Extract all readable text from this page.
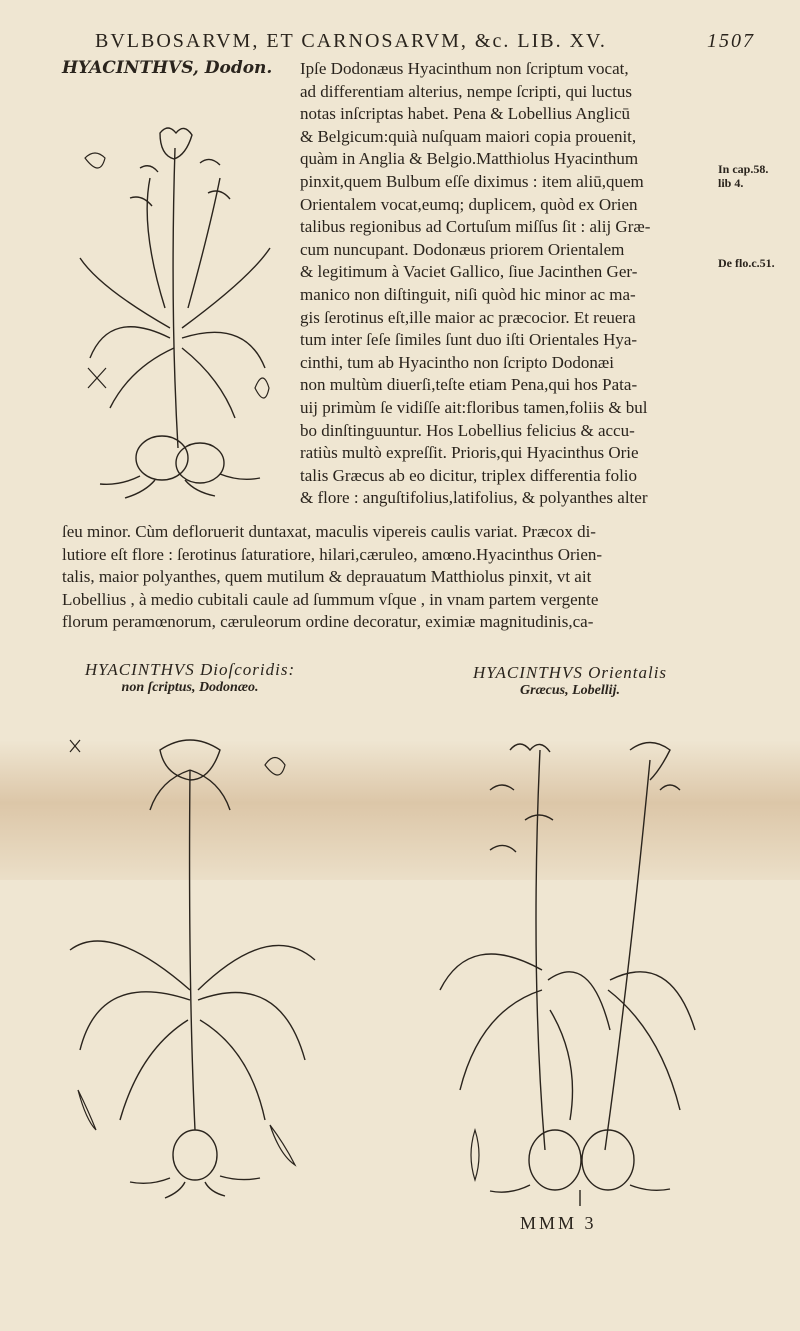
BVLBOSARVM, ET CARNOSARVM, &c. LIB. XV.	1507
HYACINTHVS, Dodon. Ipſe Dodonæus Hyacinthum non ſcriptum vocat,
ad differentiam alterius, nempe ſcripti, qui luctus
notas inſcriptas habet. Pena & Lobellius Anglicū
& Belgicum:quià nuſquam maiori copia prouenit,
quàm in Anglia & Belgio.Matthiolus Hyacinthum
pinxit,quem Bulbum eſſe diximus : item aliū,quem
Orientalem vocat,eumq; duplicem, quòd ex Orien
talibus regionibus ad Cortuſum miſſus ſit : alij Græ-
cum nuncupant. Dodonæus priorem Orientalem
& legitimum à Vaciet Gallico, ſiue Jacinthen Ger-
manico non diſtinguit, niſi quòd hic minor ac ma-
gis ſerotinus eſt,ille maior ac præcocior. Et reuera
tum inter ſeſe ſimiles ſunt duo iſti Orientales Hya-
cinthi, tum ab Hyacintho non ſcripto Dodonæi
non multùm diuerſi,teſte etiam Pena,qui hos Pata-
uij primùm ſe vidiſſe ait:floribus tamen,foliis & bul
bo dinſtinguuntur. Hos Lobellius felicius & accu-
ratiùs multò expreſſit. Prioris,qui Hyacinthus Orie
talis Græcus ab eo dicitur, triplex differentia folio
& flore : anguſtifolius,latifolius, & polyanthes alter
In cap.58.
lib 4.
De flo.c.51.
ſeu minor. Cùm defloruerit duntaxat, maculis vipereis caulis variat. Præcox di-
lutiore eſt flore : ſerotinus ſaturatiore, hilari,cæruleo, amœno.Hyacinthus Orien-
talis, maior polyanthes, quem mutilum & deprauatum Matthiolus pinxit, vt ait
Lobellius , à medio cubitali caule ad ſummum vſque , in vnam partem vergente
florum peramœnorum, cæruleorum ordine decoratur, eximiæ magnitudinis,ca-
HYACINTHVS Dioſcoridis:
non ſcriptus, Dodonæo.
HYACINTHVS Orientalis
Græcus, Lobellij.
MMM 3
